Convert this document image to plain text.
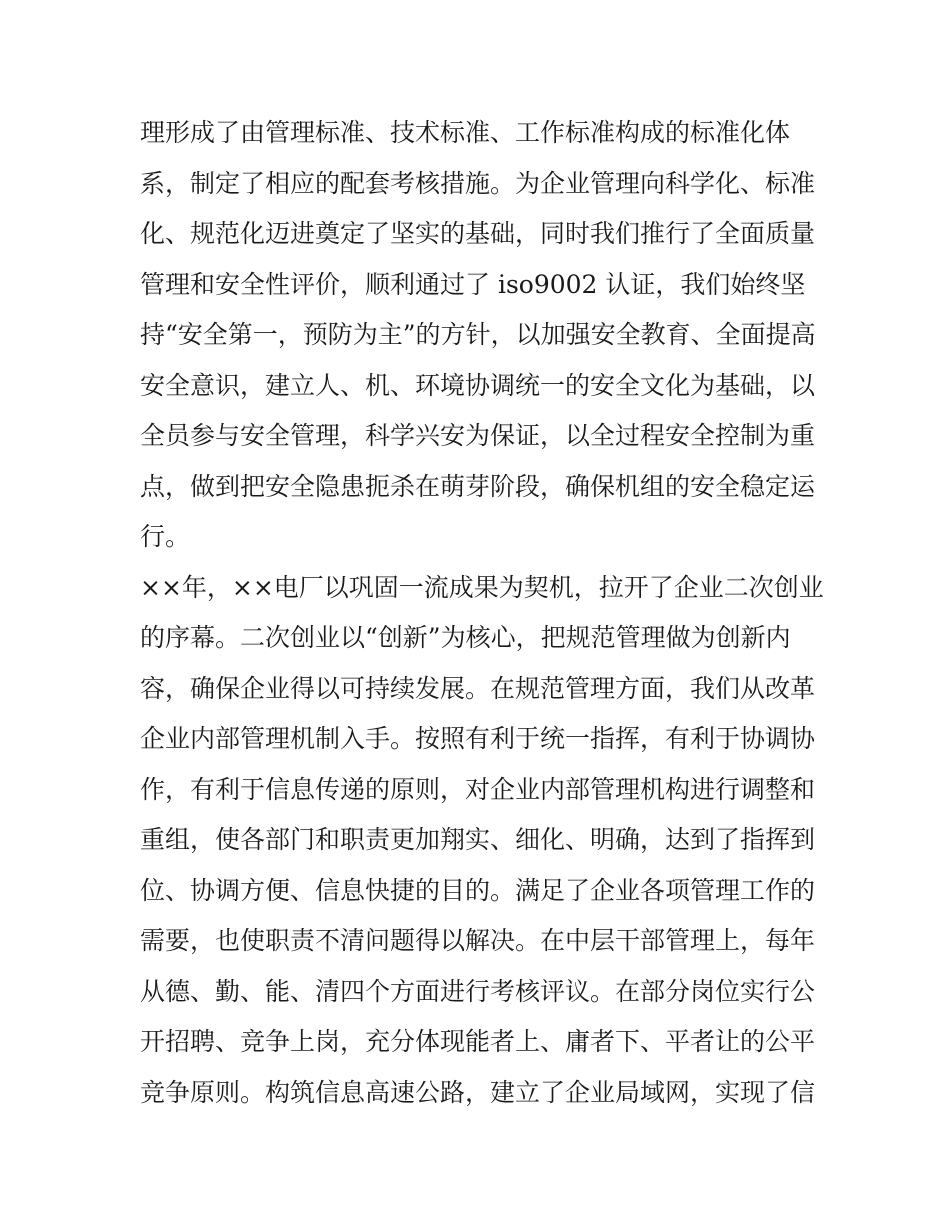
理形成了由管理标准、技术标准、工作标准构成的标准化体
系，制定了相应的配套考核措施。为企业管理向科学化、标准
化、规范化迈进奠定了坚实的基础，同时我们推行了全面质量
管理和安全性评价，顺利通过了 iso9002 认证，我们始终坚
持“安全第一，预防为主”的方针，以加强安全教育、全面提高
安全意识，建立人、机、环境协调统一的安全文化为基础，以
全员参与安全管理，科学兴安为保证，以全过程安全控制为重
点，做到把安全隐患扼杀在萌芽阶段，确保机组的安全稳定运
行。
××年，××电厂以巩固一流成果为契机，拉开了企业二次创业
的序幕。二次创业以“创新”为核心，把规范管理做为创新内
容，确保企业得以可持续发展。在规范管理方面，我们从改革
企业内部管理机制入手。按照有利于统一指挥，有利于协调协
作，有利于信息传递的原则，对企业内部管理机构进行调整和
重组，使各部门和职责更加翔实、细化、明确，达到了指挥到
位、协调方便、信息快捷的目的。满足了企业各项管理工作的
需要，也使职责不清问题得以解决。在中层干部管理上，每年
从德、勤、能、清四个方面进行考核评议。在部分岗位实行公
开招聘、竞争上岗，充分体现能者上、庸者下、平者让的公平
竞争原则。构筑信息高速公路，建立了企业局域网，实现了信
